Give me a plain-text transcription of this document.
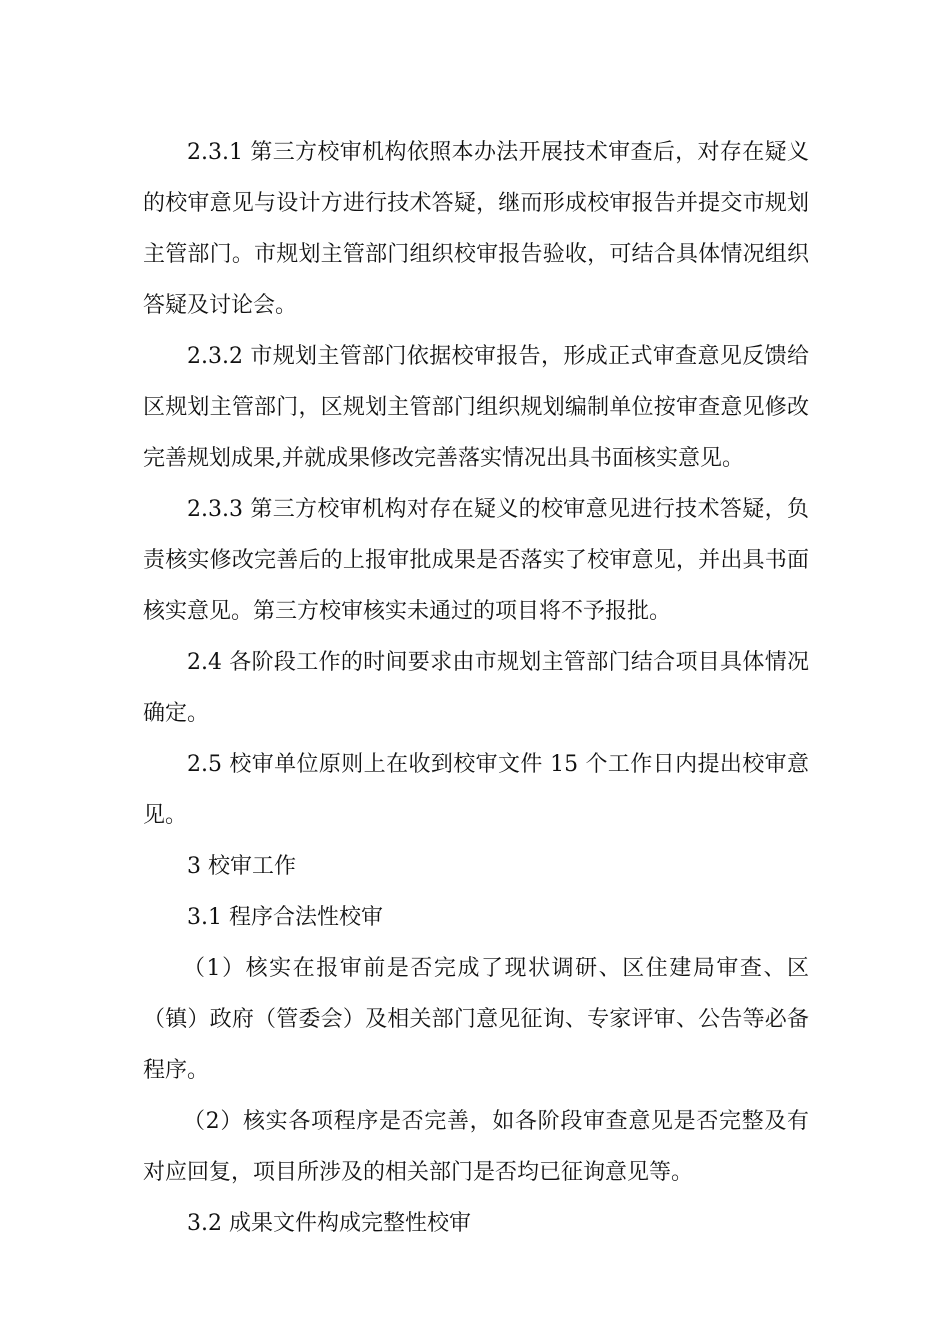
2.3.1 第三方校审机构依照本办法开展技术审查后，对存在疑义的校审意见与设计方进行技术答疑，继而形成校审报告并提交市规划主管部门。市规划主管部门组织校审报告验收，可结合具体情况组织答疑及讨论会。

2.3.2 市规划主管部门依据校审报告，形成正式审查意见反馈给区规划主管部门，区规划主管部门组织规划编制单位按审查意见修改完善规划成果,并就成果修改完善落实情况出具书面核实意见。

2.3.3 第三方校审机构对存在疑义的校审意见进行技术答疑，负责核实修改完善后的上报审批成果是否落实了校审意见，并出具书面核实意见。第三方校审核实未通过的项目将不予报批。

2.4 各阶段工作的时间要求由市规划主管部门结合项目具体情况确定。

2.5 校审单位原则上在收到校审文件 15 个工作日内提出校审意见。

3 校审工作

3.1 程序合法性校审

（1）核实在报审前是否完成了现状调研、区住建局审查、区（镇）政府（管委会）及相关部门意见征询、专家评审、公告等必备程序。

（2）核实各项程序是否完善，如各阶段审查意见是否完整及有对应回复，项目所涉及的相关部门是否均已征询意见等。

3.2 成果文件构成完整性校审
